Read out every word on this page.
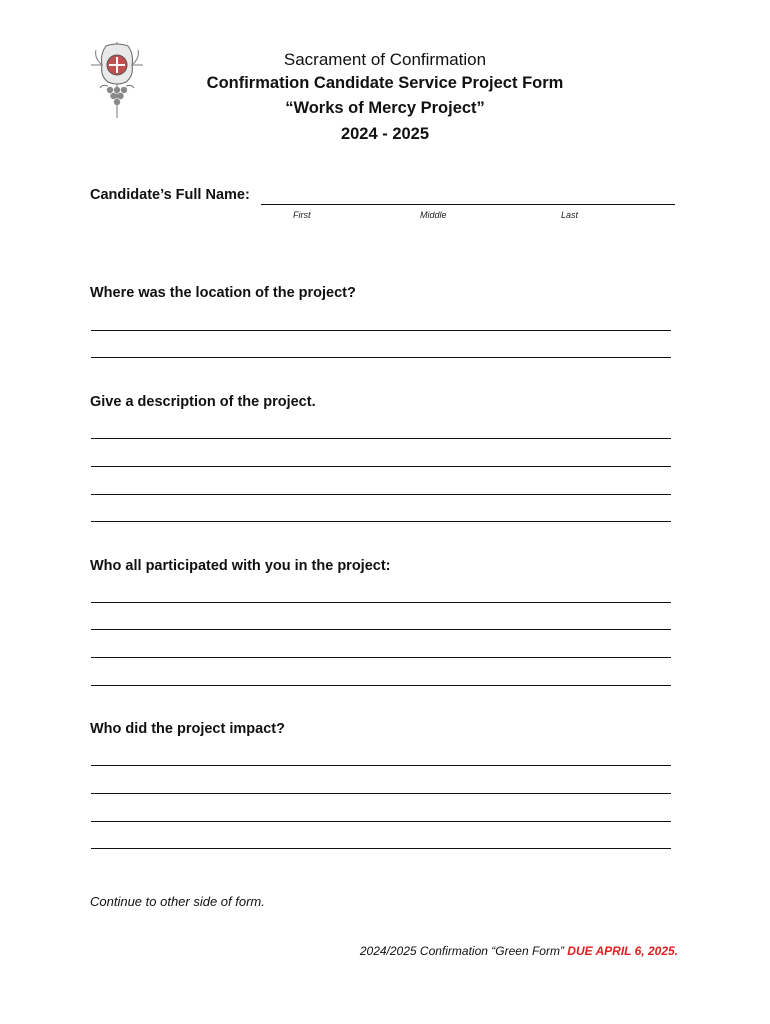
Sacrament of Confirmation
Confirmation Candidate Service Project Form
“Works of Mercy Project”
2024 - 2025
Candidate’s Full Name:
First	Middle	Last
Where was the location of the project?
Give a description of the project.
Who all participated with you in the project:
Who did the project impact?
Continue to other side of form.
2024/2025 Confirmation “Green Form” DUE APRIL 6, 2025.
